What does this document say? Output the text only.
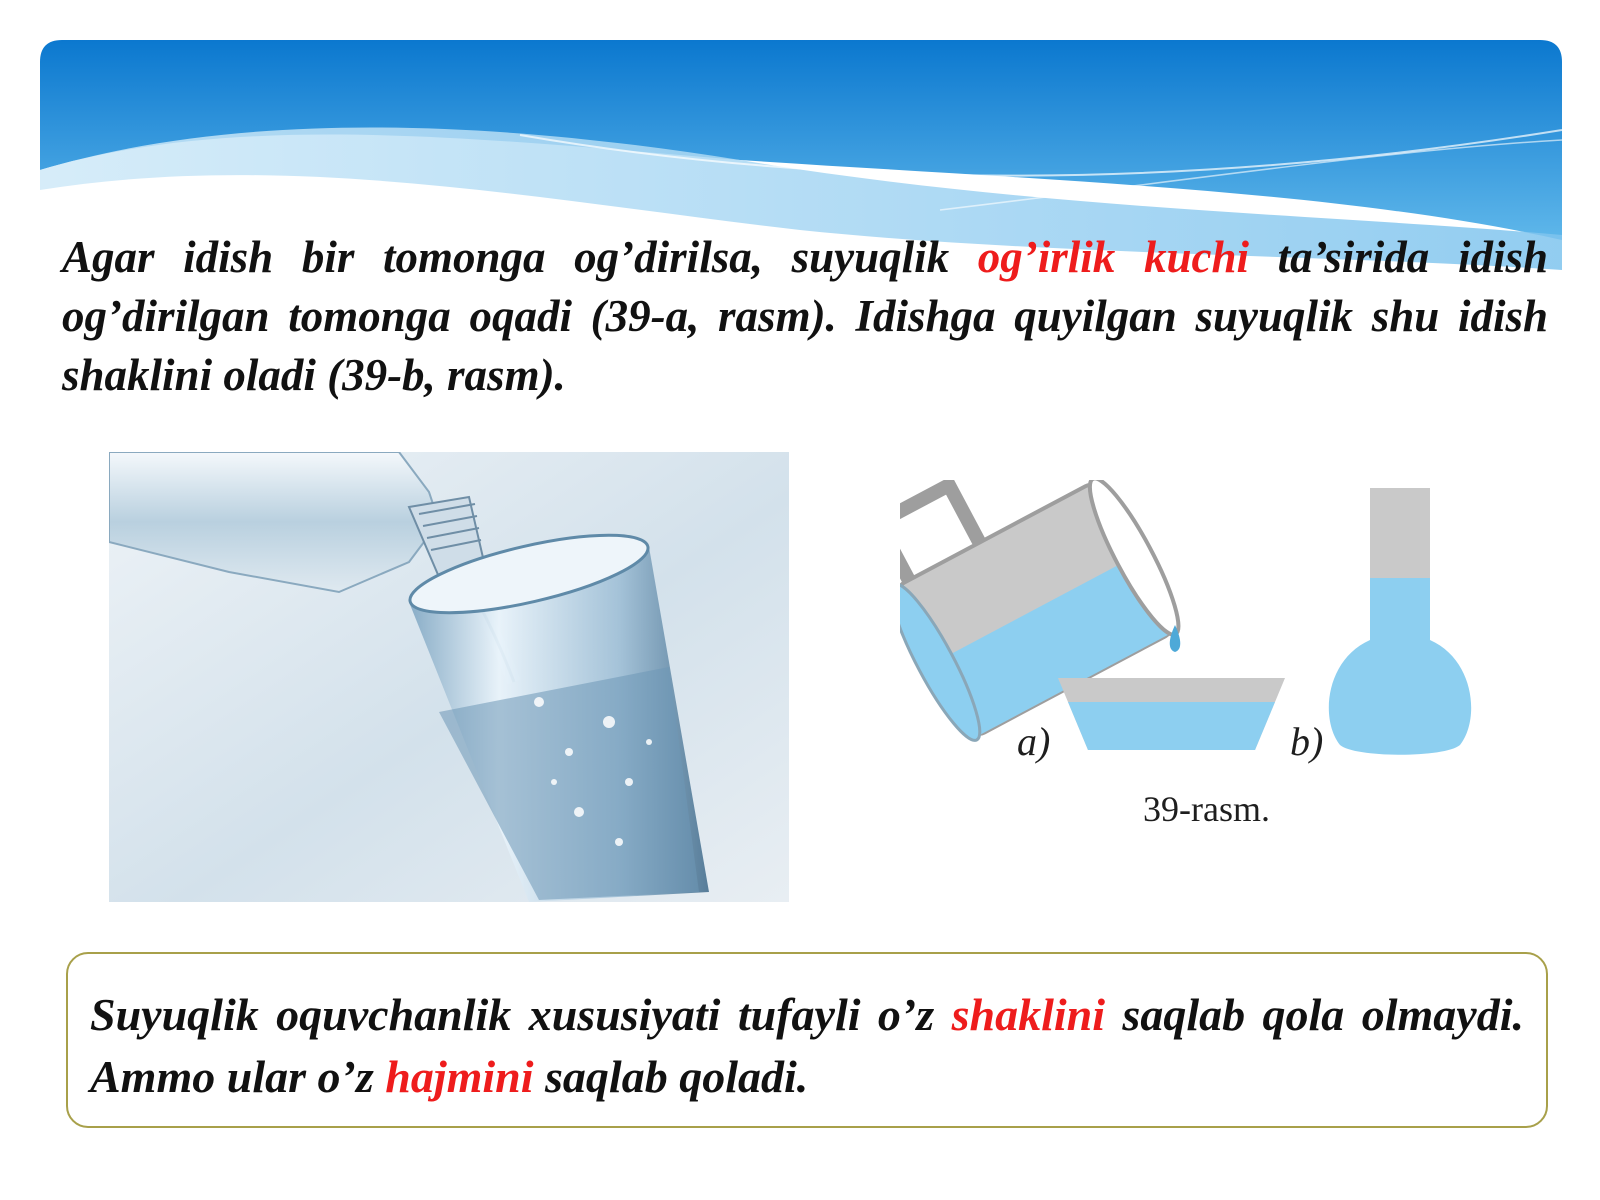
Agar idish bir tomonga og’dirilsa, suyuqlik og’irlik kuchi ta’sirida idish og’dirilgan tomonga oqadi (39-a, rasm). Idishga quyilgan suyuqlik shu idish shaklini oladi (39-b, rasm).

a)	b)
39-rasm.

Suyuqlik oquvchanlik xususiyati tufayli o’z shaklini saqlab qola olmaydi. Ammo ular o’z hajmini saqlab qoladi.
